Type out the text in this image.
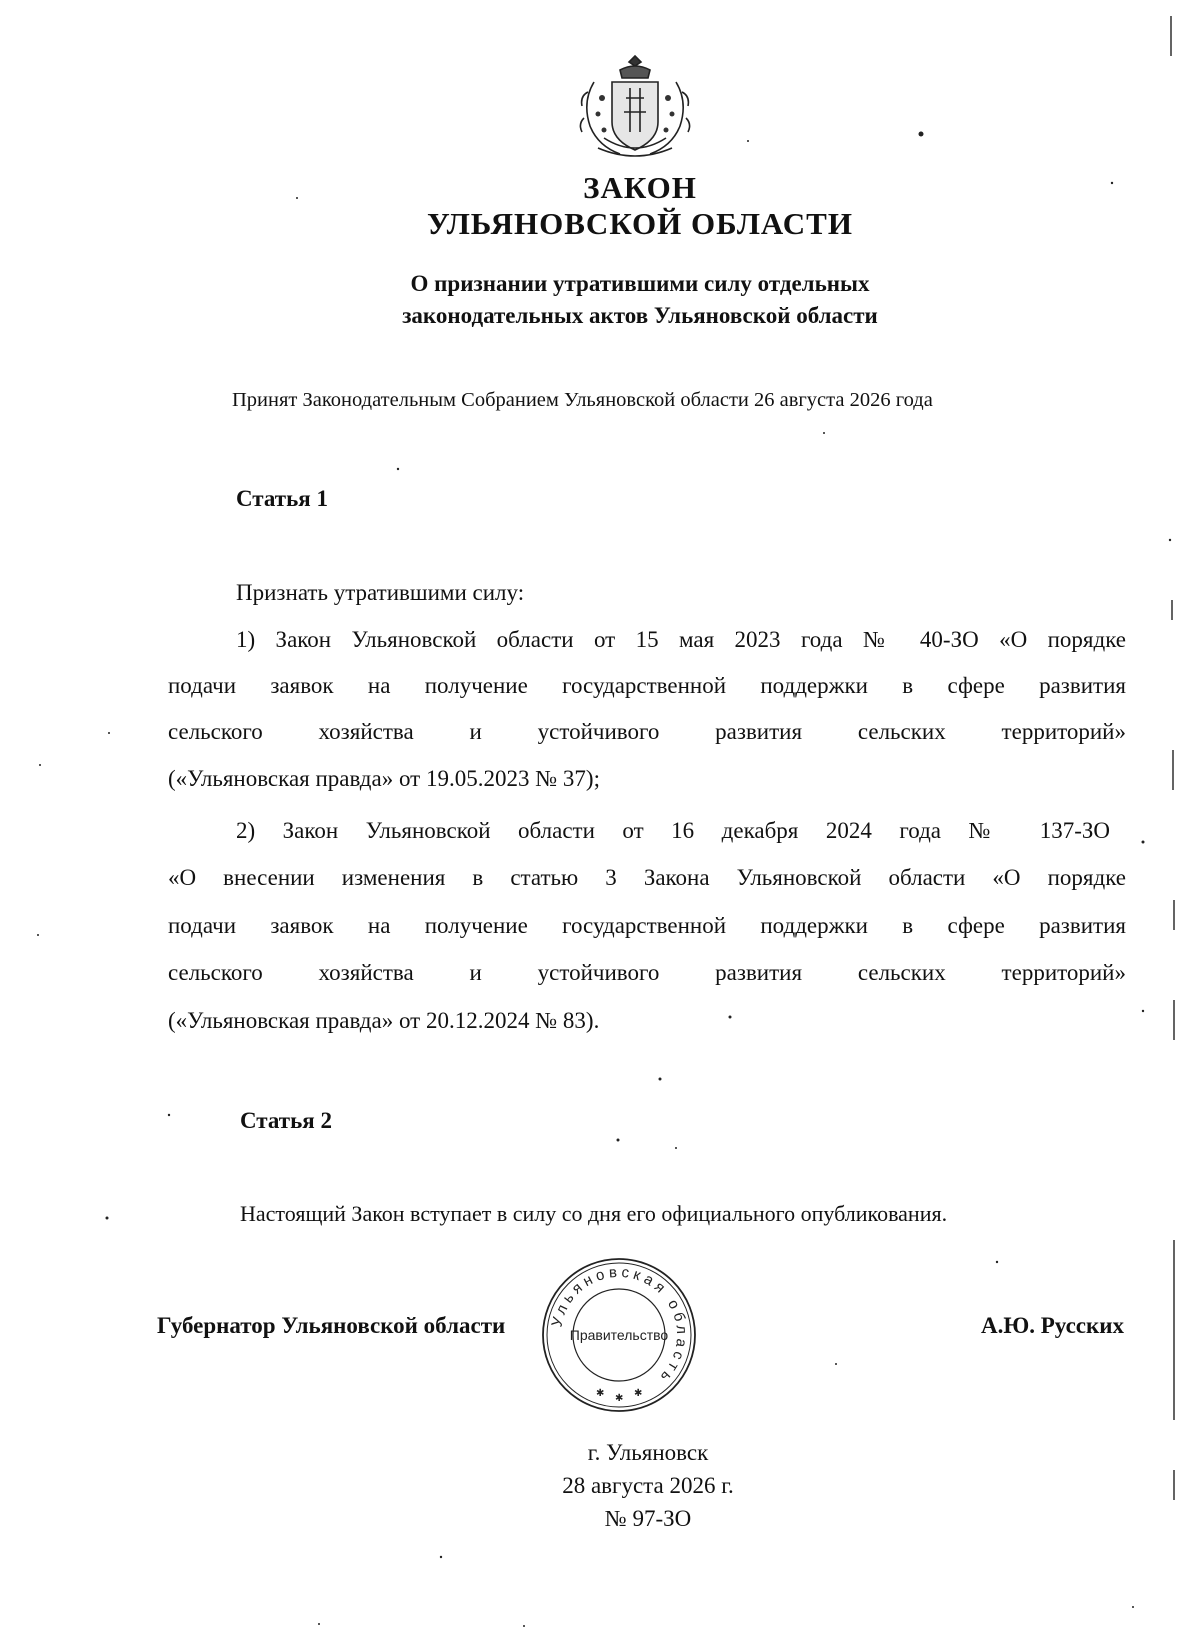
ЗАКОН
УЛЬЯНОВСКОЙ ОБЛАСТИ
О признании утратившими силу отдельных
законодательных актов Ульяновской области
Принят Законодательным Собранием Ульяновской области 26 августа 2026 года
Статья 1
Признать утратившими силу:
1) Закон Ульяновской области от 15 мая 2023 года № 40-ЗО «О порядке
подачи заявок на получение государственной поддержки в сфере развития
сельского хозяйства и устойчивого развития сельских территорий»
(«Ульяновская правда» от 19.05.2023 № 37);
2) Закон Ульяновской области от 16 декабря 2024 года № 137-ЗО
«О внесении изменения в статью 3 Закона Ульяновской области «О порядке
подачи заявок на получение государственной поддержки в сфере развития
сельского хозяйства и устойчивого развития сельских территорий»
(«Ульяновская правда» от 20.12.2024 № 83).
Статья 2
Настоящий Закон вступает в силу со дня его официального опубликования.
Губернатор Ульяновской области	А.Ю. Русских
Ульяновская область
Правительство
✱ ✱ ✱
г. Ульяновск
28 августа 2026 г.
№ 97-ЗО
